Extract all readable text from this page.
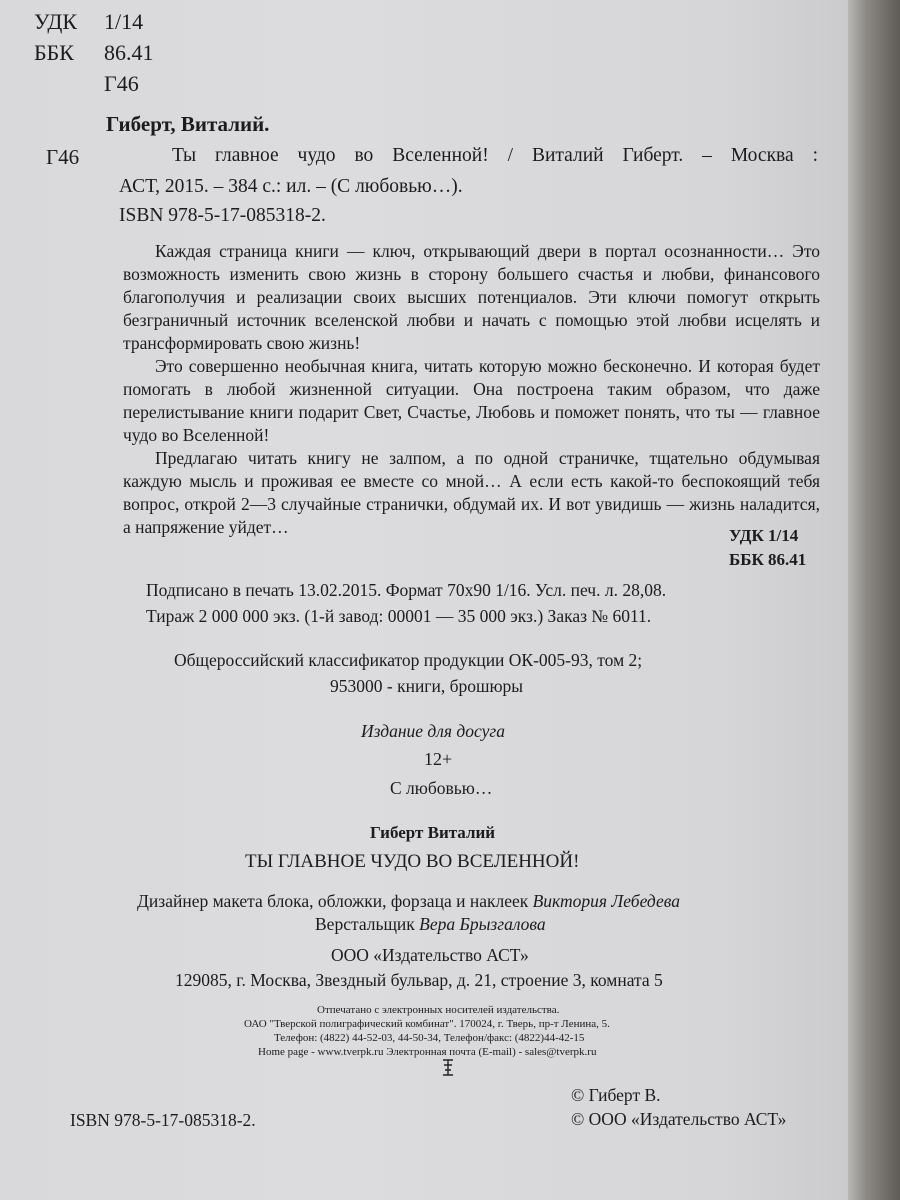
УДК 1/14
ББК 86.41
Г46
Гиберт, Виталий.
Г46	Ты главное чудо во Вселенной! / Виталий Гиберт. – Москва :
АСТ, 2015. – 384 с.: ил. – (С любовью…).
ISBN 978-5-17-085318-2.

Каждая страница книги — ключ, открывающий двери в портал осознанности… Это возможность изменить свою жизнь в сторону большего счастья и любви, финансового благополучия и реализации своих высших потенциалов. Эти ключи помогут открыть безграничный источник вселенской любви и начать с помощью этой любви исцелять и трансформировать свою жизнь!

Это совершенно необычная книга, читать которую можно бесконечно. И которая будет помогать в любой жизненной ситуации. Она построена таким образом, что даже перелистывание книги подарит Свет, Счастье, Любовь и поможет понять, что ты — главное чудо во Вселенной!

Предлагаю читать книгу не залпом, а по одной страничке, тщательно обдумывая каждую мысль и проживая ее вместе со мной… А если есть какой-то беспокоящий тебя вопрос, открой 2—3 случайные странички, обдумай их. И вот увидишь — жизнь наладится, а напряжение уйдет…	УДК 1/14
ББК 86.41
Подписано в печать 13.02.2015. Формат 70х90 1/16. Усл. печ. л. 28,08.
Тираж 2 000 000 экз. (1-й завод: 00001 — 35 000 экз.) Заказ № 6011.
Общероссийский классификатор продукции ОК-005-93, том 2;
953000 - книги, брошюры
Издание для досуга
12+
С любовью…
Гиберт Виталий
ТЫ ГЛАВНОЕ ЧУДО ВО ВСЕЛЕННОЙ!
Дизайнер макета блока, обложки, форзаца и наклеек Виктория Лебедева
Верстальщик Вера Брызгалова
ООО «Издательство АСТ»
129085, г. Москва, Звездный бульвар, д. 21, строение 3, комната 5
Отпечатано с электронных носителей издательства.
ОАО "Тверской полиграфический комбинат". 170024, г. Тверь, пр-т Ленина, 5.
Телефон: (4822) 44-52-03, 44-50-34, Телефон/факс: (4822)44-42-15
Home page - www.tverpk.ru Электронная почта (E-mail) - sales@tverpk.ru
ISBN 978-5-17-085318-2.
© Гиберт В.
© ООО «Издательство АСТ»
